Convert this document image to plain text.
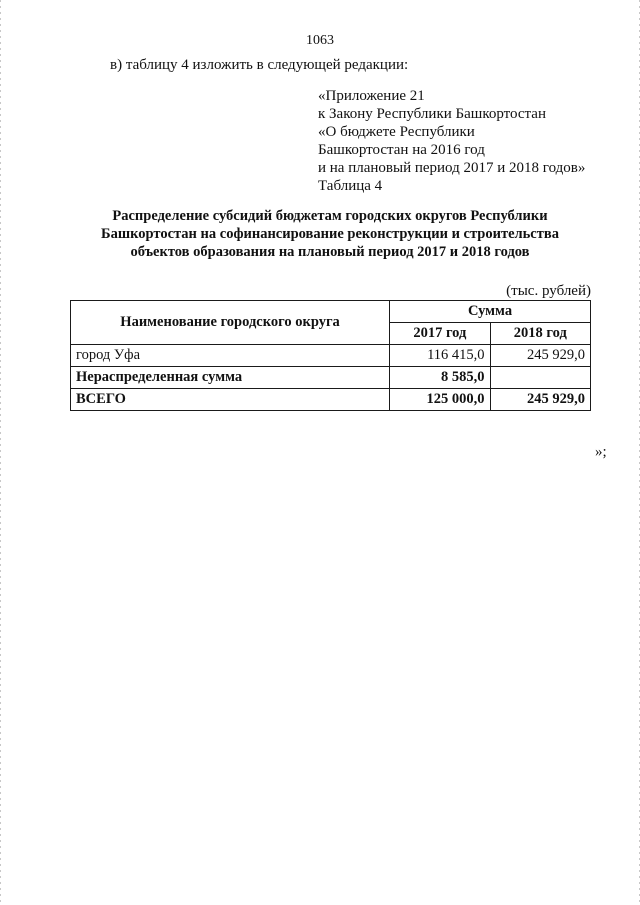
1063
в) таблицу 4 изложить в следующей редакции:
«Приложение 21
к Закону Республики Башкортостан
«О бюджете Республики
Башкортостан на 2016 год
и на плановый период 2017 и 2018 годов»
Таблица 4
Распределение субсидий бюджетам городских округов Республики
Башкортостан на софинансирование реконструкции и строительства
объектов образования на плановый период 2017 и 2018 годов
(тыс. рублей)
Наименование городского округа	Сумма	
	2017 год	2018 год
город Уфа	116 415,0	245 929,0
Нераспределенная сумма	8 585,0	
ВСЕГО	125 000,0	245 929,0
»;
